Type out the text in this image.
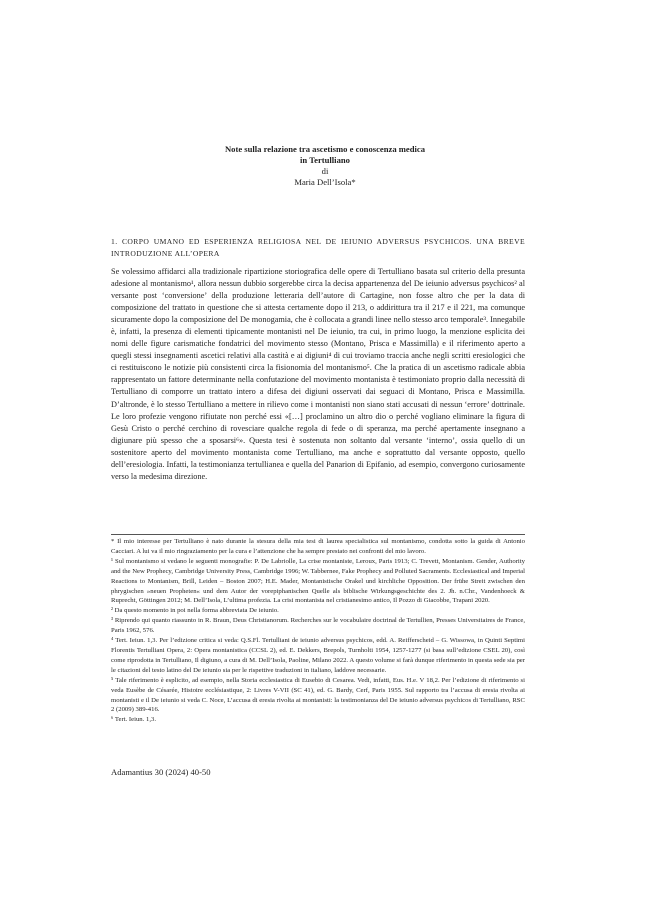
Note sulla relazione tra ascetismo e conoscenza medica
in Tertulliano
di
Maria Dell’Isola*
1. CORPO UMANO ED ESPERIENZA RELIGIOSA NEL DE IEIUNIO ADVERSUS PSYCHICOS. UNA BREVE INTRODUZIONE ALL’OPERA

Se volessimo affidarci alla tradizionale ripartizione storiografica delle opere di Tertulliano basata sul criterio della presunta adesione al montanismo¹, allora nessun dubbio sorgerebbe circa la decisa appartenenza del De ieiunio adversus psychicos² al versante post ‘conversione’ della produzione letteraria dell’autore di Cartagine, non fosse altro che per la data di composizione del trattato in questione che si attesta certamente dopo il 213, o addirittura tra il 217 e il 221, ma comunque sicuramente dopo la composizione del De monogamia, che è collocata a grandi linee nello stesso arco temporale³. Innegabile è, infatti, la presenza di elementi tipicamente montanisti nel De ieiunio, tra cui, in primo luogo, la menzione esplicita dei nomi delle figure carismatiche fondatrici del movimento stesso (Montano, Prisca e Massimilla) e il riferimento aperto a quegli stessi insegnamenti ascetici relativi alla castità e ai digiuni⁴ di cui troviamo traccia anche negli scritti eresiologici che ci restituiscono le notizie più consistenti circa la fisionomia del montanismo⁵. Che la pratica di un ascetismo radicale abbia rappresentato un fattore determinante nella confutazione del movimento montanista è testimoniato proprio dalla necessità di Tertulliano di comporre un trattato intero a difesa dei digiuni osservati dai seguaci di Montano, Prisca e Massimilla. D’altronde, è lo stesso Tertulliano a mettere in rilievo come i montanisti non siano stati accusati di nessun ‘errore’ dottrinale. Le loro profezie vengono rifiutate non perché essi «[…] proclamino un altro dio o perché vogliano eliminare la figura di Gesù Cristo o perché cerchino di rovesciare qualche regola di fede o di speranza, ma perché apertamente insegnano a digiunare più spesso che a sposarsi⁶». Questa tesi è sostenuta non soltanto dal versante ‘interno’, ossia quello di un sostenitore aperto del movimento montanista come Tertulliano, ma anche e soprattutto dal versante opposto, quello dell’eresiologia. Infatti, la testimonianza tertullianea e quella del Panarion di Epifanio, ad esempio, convergono curiosamente verso la medesima direzione.

* Il mio interesse per Tertulliano è nato durante la stesura della mia tesi di laurea specialistica sul montanismo, condotta sotto la guida di Antonio Cacciari. A lui va il mio ringraziamento per la cura e l’attenzione che ha sempre prestato nei confronti del mio lavoro.

¹ Sul montanismo si vedano le seguenti monografie: P. De Labriolle, La crise montaniste, Leroux, Paris 1913; C. Trevett, Montanism. Gender, Authority and the New Prophecy, Cambridge University Press, Cambridge 1996; W. Tabbernee, Fake Prophecy and Polluted Sacraments. Ecclesiastical and Imperial Reactions to Montanism, Brill, Leiden – Boston 2007; H.E. Mader, Montanistische Orakel und kirchliche Opposition. Der frühe Streit zwischen den phrygischen »neuen Propheten« und dem Autor der vorepiphanischen Quelle als biblische Wirkungsgeschichte des 2. Jh. n.Chr., Vandenhoeck & Ruprecht, Göttingen 2012; M. Dell’Isola, L’ultima profezia. La crisi montanista nel cristianesimo antico, Il Pozzo di Giacobbe, Trapani 2020.

² Da questo momento in poi nella forma abbreviata De ieiunio.

³ Riprendo qui quanto riassunto in R. Braun, Deus Christianorum. Recherches sur le vocabulaire doctrinal de Tertullien, Presses Universitaires de France, Paris 1962, 576.

⁴ Tert. Ieiun. 1,3. Per l’edizione critica si veda: Q.S.Fl. Tertulliani de ieiunio adversus psychicos, edd. A. Reifferscheid – G. Wissowa, in Quinti Septimi Florentis Tertulliani Opera, 2: Opera montanistica (CCSL 2), ed. E. Dekkers, Brepols, Turnholti 1954, 1257-1277 (si basa sull’edizione CSEL 20), così come riprodotta in Tertulliano, Il digiuno, a cura di M. Dell’Isola, Paoline, Milano 2022. A questo volume si farà dunque riferimento in questa sede sia per le citazioni del testo latino del De ieiunio sia per le rispettive traduzioni in italiano, laddove necessarie.

⁵ Tale riferimento è esplicito, ad esempio, nella Storia ecclesiastica di Eusebio di Cesarea. Vedi, infatti, Eus. H.e. V 18,2. Per l’edizione di riferimento si veda Eusèbe de Césarée, Histoire ecclésiastique, 2: Livres V-VII (SC 41), ed. G. Bardy, Cerf, Paris 1955. Sul rapporto tra l’accusa di eresia rivolta ai montanisti e il De ieiunio si veda C. Noce, L’accusa di eresia rivolta ai montanisti: la testimonianza del De ieiunio adversus psychicos di Tertulliano, RSC 2 (2009) 389-416.

⁶ Tert. Ieiun. 1,3.

Adamantius 30 (2024) 40-50
